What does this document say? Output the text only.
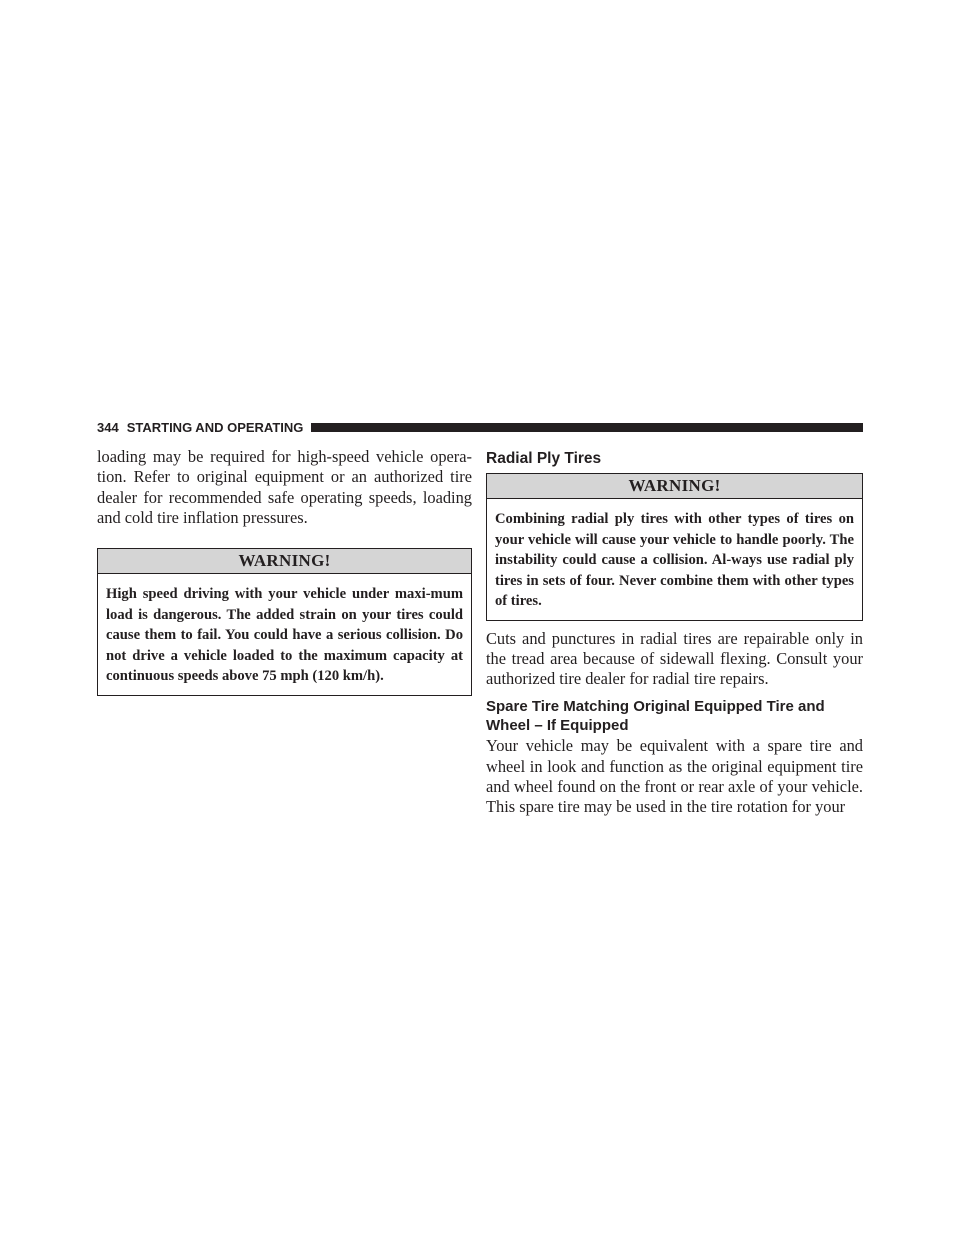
344 STARTING AND OPERATING

loading may be required for high-speed vehicle opera-tion. Refer to original equipment or an authorized tire dealer for recommended safe operating speeds, loading and cold tire inflation pressures.

WARNING!
High speed driving with your vehicle under maxi-mum load is dangerous. The added strain on your tires could cause them to fail. You could have a serious collision. Do not drive a vehicle loaded to the maximum capacity at continuous speeds above 75 mph (120 km/h).
Radial Ply Tires
WARNING!
Combining radial ply tires with other types of tires on your vehicle will cause your vehicle to handle poorly. The instability could cause a collision. Al-ways use radial ply tires in sets of four. Never combine them with other types of tires.

Cuts and punctures in radial tires are repairable only in the tread area because of sidewall flexing. Consult your authorized tire dealer for radial tire repairs.

Spare Tire Matching Original Equipped Tire and Wheel – If Equipped

Your vehicle may be equivalent with a spare tire and wheel in look and function as the original equipment tire and wheel found on the front or rear axle of your vehicle. This spare tire may be used in the tire rotation for your
